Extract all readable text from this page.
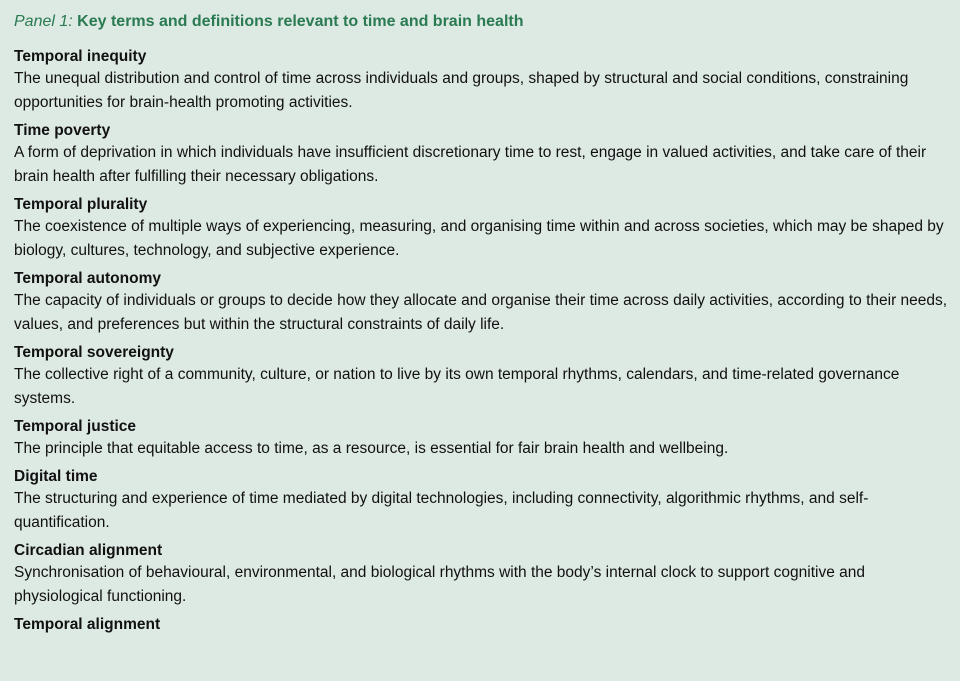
Panel 1: Key terms and definitions relevant to time and brain health

Temporal inequity

The unequal distribution and control of time across individuals and groups, shaped by structural and social conditions, constraining opportunities for brain-health promoting activities.

Time poverty

A form of deprivation in which individuals have insufficient discretionary time to rest, engage in valued activities, and take care of their brain health after fulfilling their necessary obligations.

Temporal plurality

The coexistence of multiple ways of experiencing, measuring, and organising time within and across societies, which may be shaped by biology, cultures, technology, and subjective experience.

Temporal autonomy

The capacity of individuals or groups to decide how they allocate and organise their time across daily activities, according to their needs, values, and preferences but within the structural constraints of daily life.

Temporal sovereignty

The collective right of a community, culture, or nation to live by its own temporal rhythms, calendars, and time-related governance systems.

Temporal justice

The principle that equitable access to time, as a resource, is essential for fair brain health and wellbeing.

Digital time

The structuring and experience of time mediated by digital technologies, including connectivity, algorithmic rhythms, and self-quantification.

Circadian alignment

Synchronisation of behavioural, environmental, and biological rhythms with the body’s internal clock to support cognitive and physiological functioning.

Temporal alignment
